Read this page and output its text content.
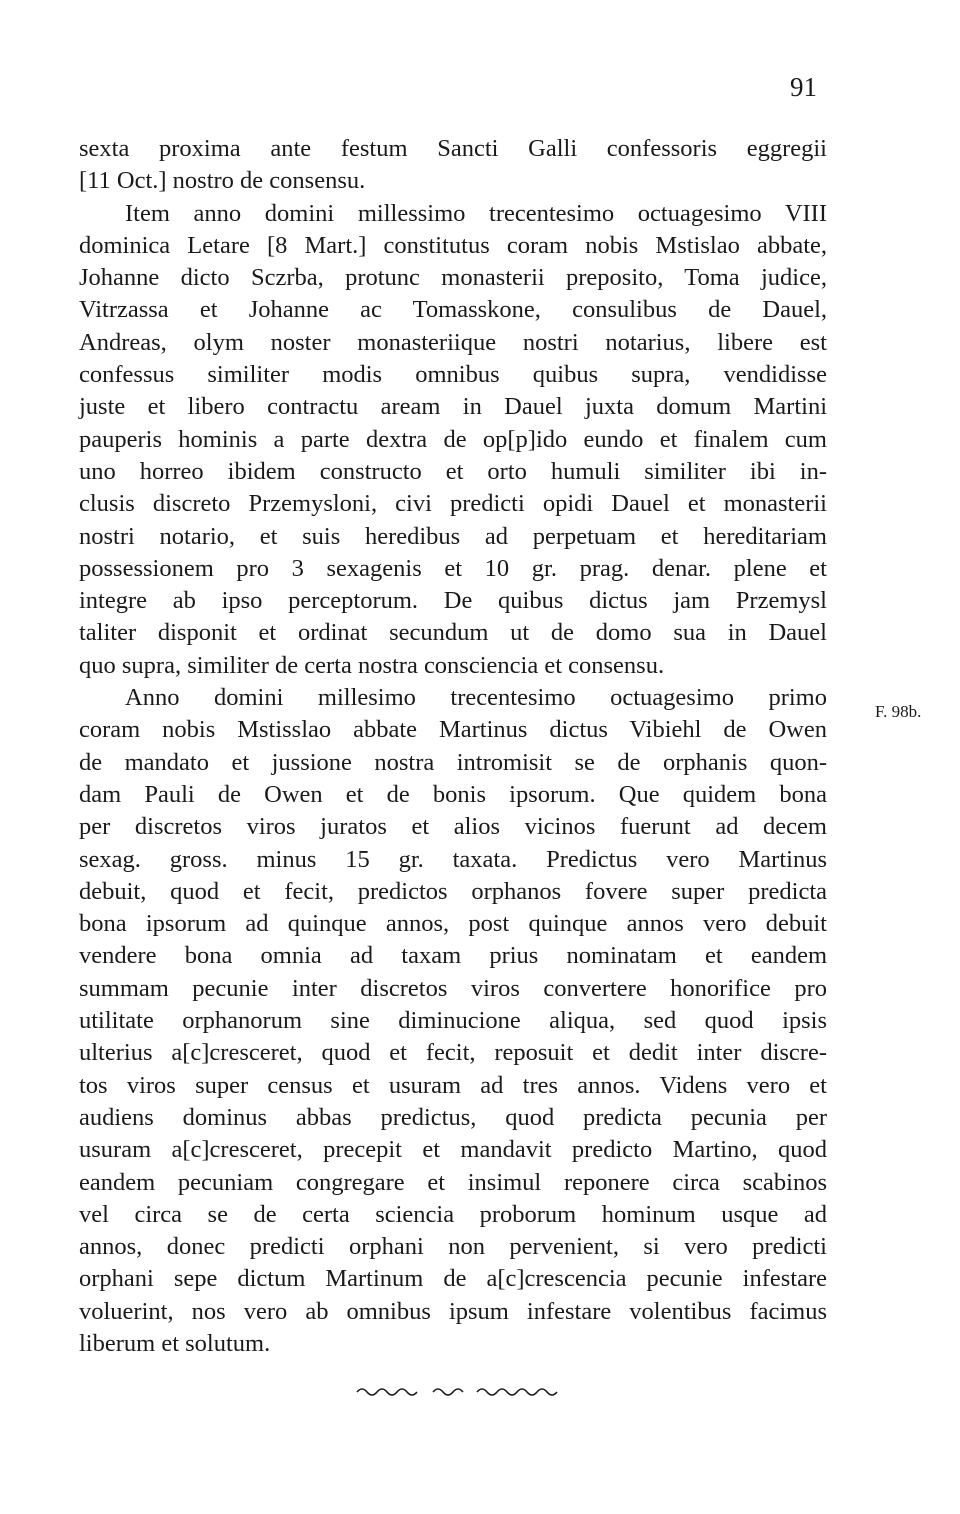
91
sexta proxima ante festum Sancti Galli confessoris eggregii
[11 Oct.] nostro de consensu.
Item anno domini millessimo trecentesimo octuagesimo VIII
dominica Letare [8 Mart.] constitutus coram nobis Mstislao abbate,
Johanne dicto Sczrba, protunc monasterii preposito, Toma judice,
Vitrzassa et Johanne ac Tomasskone, consulibus de Dauel,
Andreas, olym noster monasteriique nostri notarius, libere est
confessus similiter modis omnibus quibus supra, vendidisse
juste et libero contractu aream in Dauel juxta domum Martini
pauperis hominis a parte dextra de op[p]ido eundo et finalem cum
uno horreo ibidem constructo et orto humuli similiter ibi in-
clusis discreto Przemysloni, civi predicti opidi Dauel et monasterii
nostri notario, et suis heredibus ad perpetuam et hereditariam
possessionem pro 3 sexagenis et 10 gr. prag. denar. plene et
integre ab ipso perceptorum. De quibus dictus jam Przemysl
taliter disponit et ordinat secundum ut de domo sua in Dauel
quo supra, similiter de certa nostra consciencia et consensu.
Anno domini millesimo trecentesimo octuagesimo primo
coram nobis Mstisslao abbate Martinus dictus Vibiehl de Owen
de mandato et jussione nostra intromisit se de orphanis quon-
dam Pauli de Owen et de bonis ipsorum. Que quidem bona
per discretos viros juratos et alios vicinos fuerunt ad decem
sexag. gross. minus 15 gr. taxata. Predictus vero Martinus
debuit, quod et fecit, predictos orphanos fovere super predicta
bona ipsorum ad quinque annos, post quinque annos vero debuit
vendere bona omnia ad taxam prius nominatam et eandem
summam pecunie inter discretos viros convertere honorifice pro
utilitate orphanorum sine diminucione aliqua, sed quod ipsis
ulterius a[c]cresceret, quod et fecit, reposuit et dedit inter discre-
tos viros super census et usuram ad tres annos. Videns vero et
audiens dominus abbas predictus, quod predicta pecunia per
usuram a[c]cresceret, precepit et mandavit predicto Martino, quod
eandem pecuniam congregare et insimul reponere circa scabinos
vel circa se de certa sciencia proborum hominum usque ad
annos, donec predicti orphani non pervenient, si vero predicti
orphani sepe dictum Martinum de a[c]crescencia pecunie infestare
voluerint, nos vero ab omnibus ipsum infestare volentibus facimus
liberum et solutum.
F. 98b.
